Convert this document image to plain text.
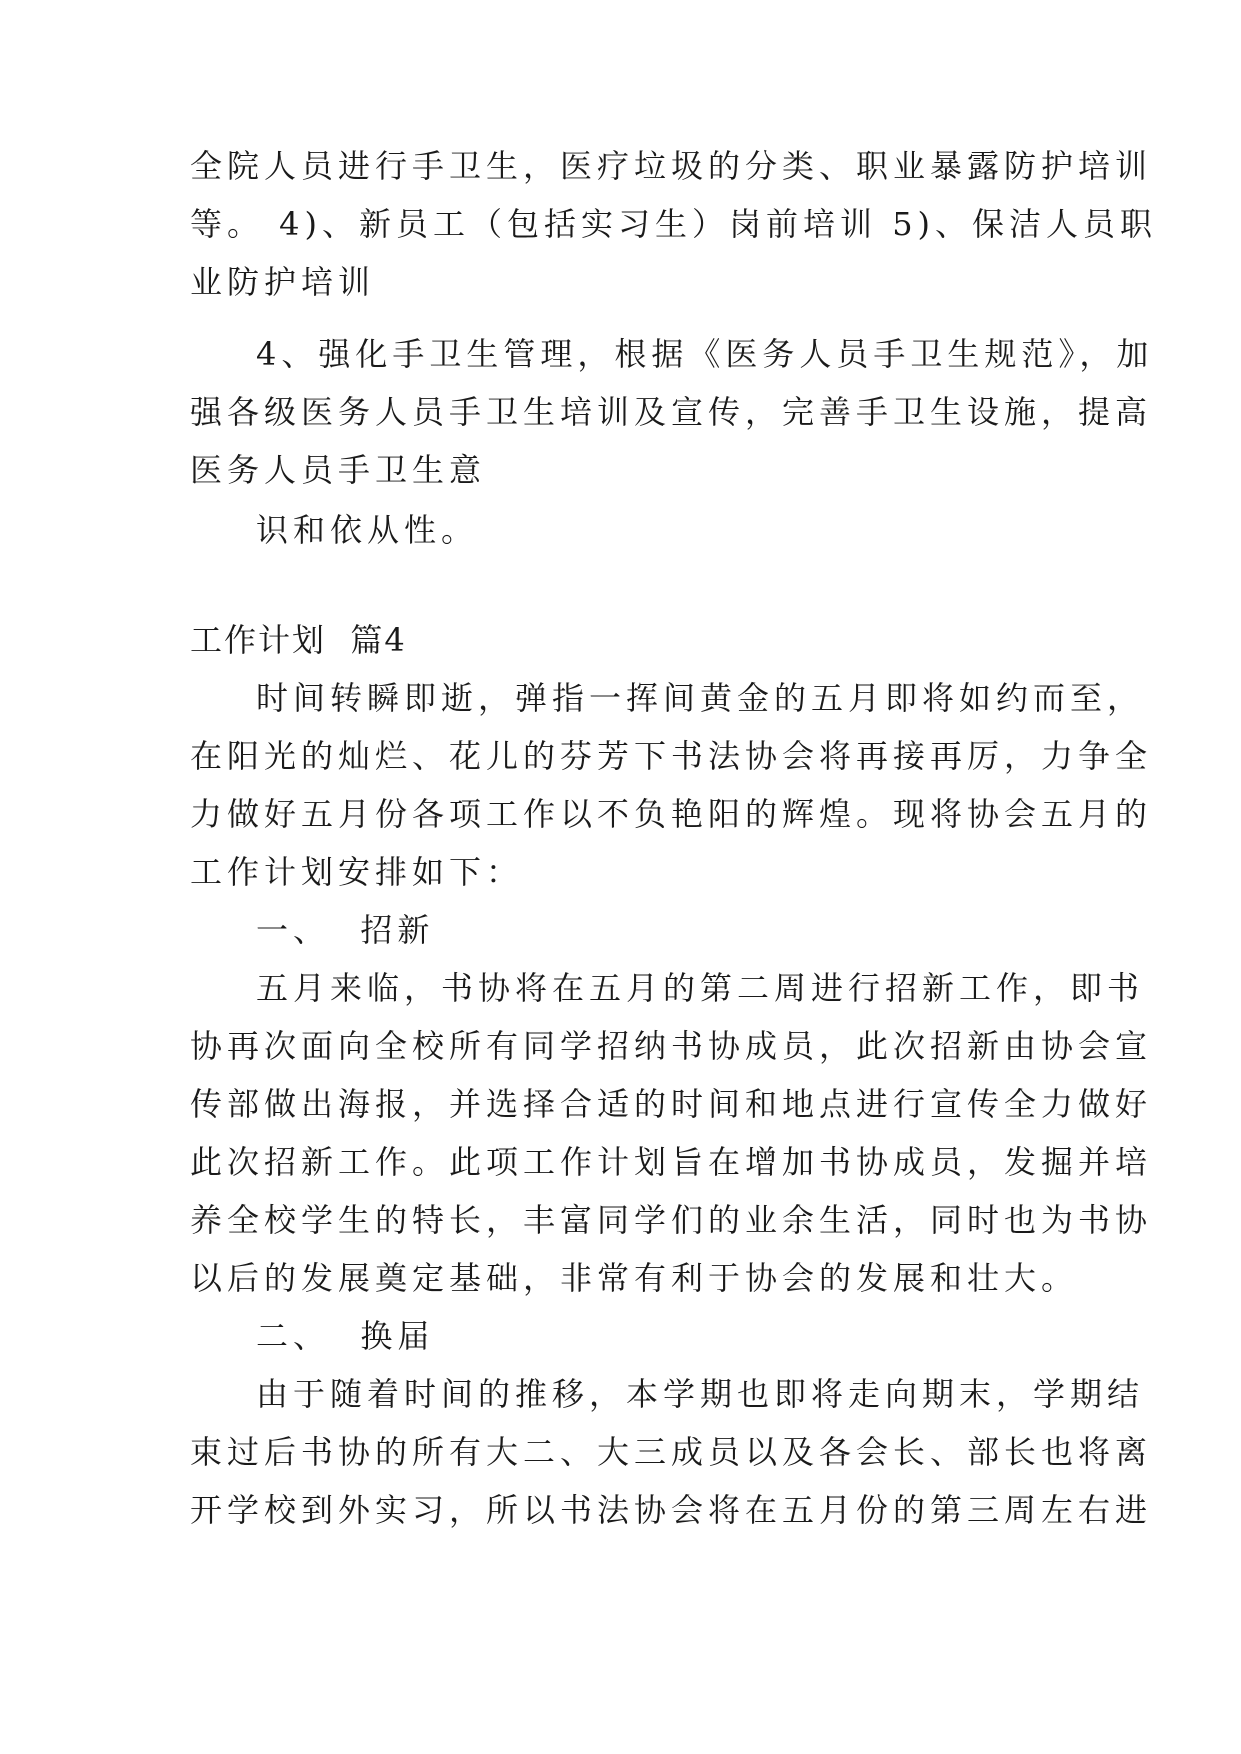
全院人员进行手卫生，医疗垃圾的分类、职业暴露防护培训
等。 4)、新员工（包括实习生）岗前培训 5)、保洁人员职
业防护培训
4、强化手卫生管理，根据《医务人员手卫生规范》，加
强各级医务人员手卫生培训及宣传，完善手卫生设施，提高
医务人员手卫生意
识和依从性。
工作计划  篇4
时间转瞬即逝，弹指一挥间黄金的五月即将如约而至，
在阳光的灿烂、花儿的芬芳下书法协会将再接再厉，力争全
力做好五月份各项工作以不负艳阳的辉煌。现将协会五月的
工作计划安排如下：
一、  招新
五月来临，书协将在五月的第二周进行招新工作，即书
协再次面向全校所有同学招纳书协成员，此次招新由协会宣
传部做出海报，并选择合适的时间和地点进行宣传全力做好
此次招新工作。此项工作计划旨在增加书协成员，发掘并培
养全校学生的特长，丰富同学们的业余生活，同时也为书协
以后的发展奠定基础，非常有利于协会的发展和壮大。
二、  换届
由于随着时间的推移，本学期也即将走向期末，学期结
束过后书协的所有大二、大三成员以及各会长、部长也将离
开学校到外实习，所以书法协会将在五月份的第三周左右进
